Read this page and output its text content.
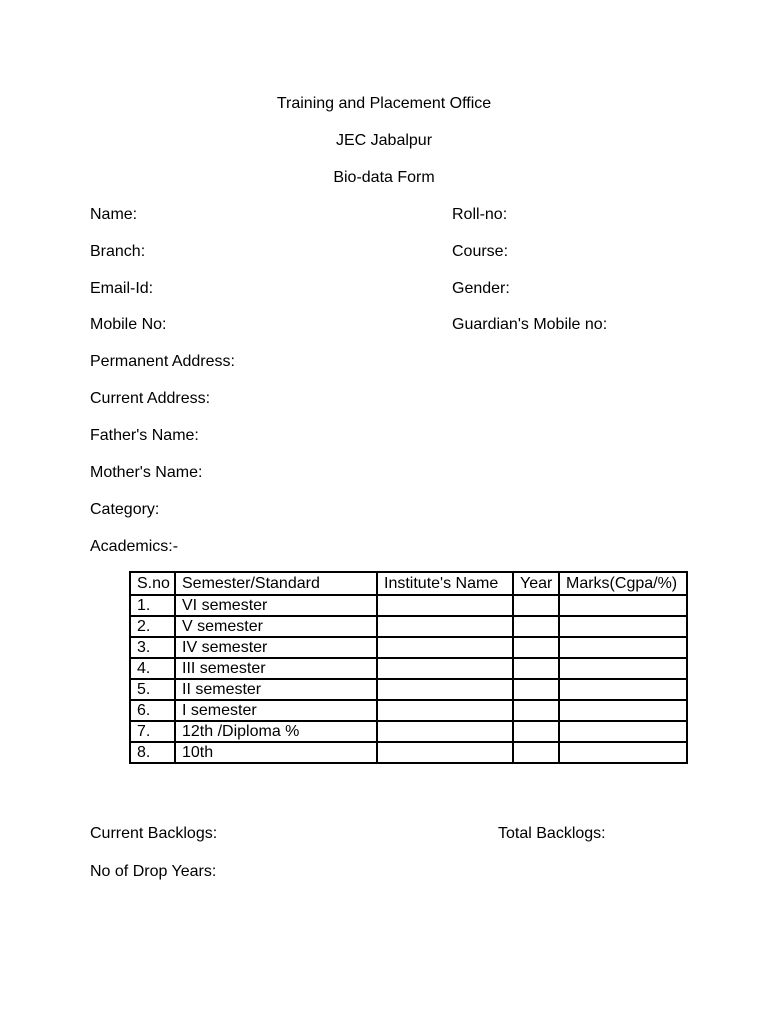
Training and Placement Office
JEC Jabalpur
Bio-data Form
Name:	Roll-no:
Branch:	Course:
Email-Id:	Gender:
Mobile No:	Guardian's Mobile no:
Permanent Address:
Current Address:
Father's Name:
Mother's Name:
Category:
Academics:-
S.no	Semester/Standard	Institute's Name	Year	Marks(Cgpa/%)
1.	VI semester			
2.	V semester			
3.	IV semester			
4.	III semester			
5.	II semester			
6.	I semester			
7.	12th /Diploma %			
8.	10th			
Current Backlogs:	Total Backlogs:
No of Drop Years:
